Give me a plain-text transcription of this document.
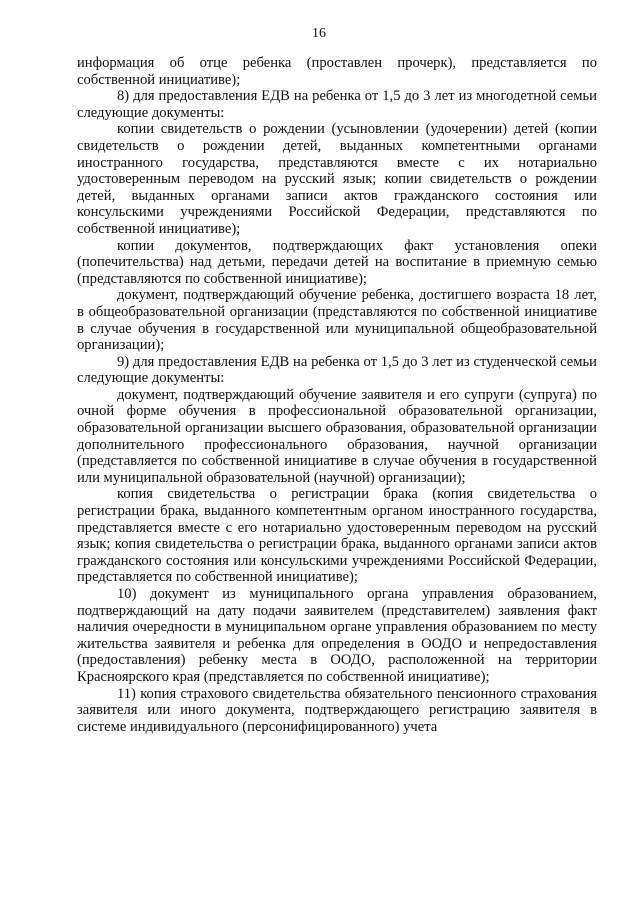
16

информация об отце ребенка (проставлен прочерк), представляется по собственной инициативе);

8) для предоставления ЕДВ на ребенка от 1,5 до 3 лет из многодетной семьи следующие документы:

копии свидетельств о рождении (усыновлении (удочерении) детей (копии свидетельств о рождении детей, выданных компетентными органами иностранного государства, представляются вместе с их нотариально удостоверенным переводом на русский язык; копии свидетельств о рождении детей, выданных органами записи актов гражданского состояния или консульскими учреждениями Российской Федерации, представляются по собственной инициативе);

копии документов, подтверждающих факт установления опеки (попечительства) над детьми, передачи детей на воспитание в приемную семью (представляются по собственной инициативе);

документ, подтверждающий обучение ребенка, достигшего возраста 18 лет, в общеобразовательной организации (представляются по собственной инициативе в случае обучения в государственной или муниципальной общеобразовательной организации);

9) для предоставления ЕДВ на ребенка от 1,5 до 3 лет из студенческой семьи следующие документы:

документ, подтверждающий обучение заявителя и его супруги (супруга) по очной форме обучения в профессиональной образовательной организации, образовательной организации высшего образования, образовательной организации дополнительного профессионального образования, научной организации (представляется по собственной инициативе в случае обучения в государственной или муниципальной образовательной (научной) организации);

копия свидетельства о регистрации брака (копия свидетельства о регистрации брака, выданного компетентным органом иностранного государства, представляется вместе с его нотариально удостоверенным переводом на русский язык; копия свидетельства о регистрации брака, выданного органами записи актов гражданского состояния или консульскими учреждениями Российской Федерации, представляется по собственной инициативе);

10) документ из муниципального органа управления образованием, подтверждающий на дату подачи заявителем (представителем) заявления факт наличия очередности в муниципальном органе управления образованием по месту жительства заявителя и ребенка для определения в ООДО и непредоставления (предоставления) ребенку места в ООДО, расположенной на территории Красноярского края (представляется по собственной инициативе);

11) копия страхового свидетельства обязательного пенсионного страхования заявителя или иного документа, подтверждающего регистрацию заявителя в системе индивидуального (персонифицированного) учета
